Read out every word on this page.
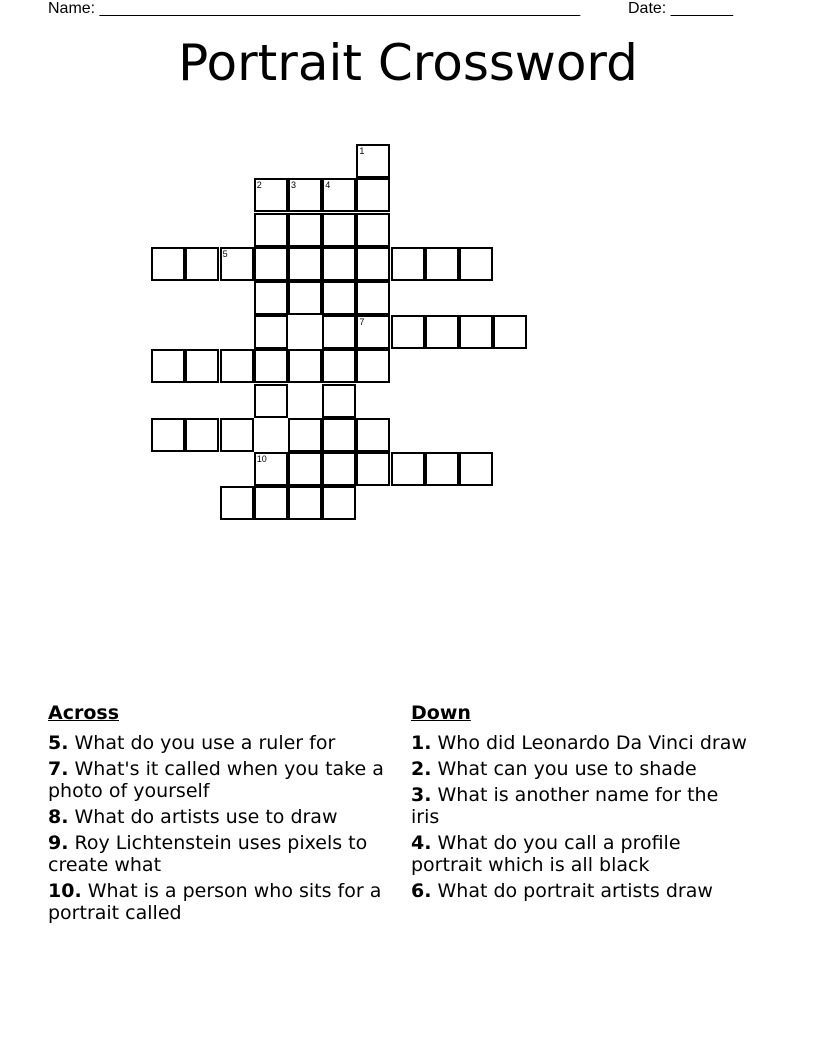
Name: ______________________________________________________	Date: _______
Portrait Crossword
1
7
2	3	4
5
10
Across
5. What do you use a ruler for
7. What's it called when you take a photo of yourself
8. What do artists use to draw
9. Roy Lichtenstein uses pixels to create what
10. What is a person who sits for a portrait called
Down
1. Who did Leonardo Da Vinci draw
2. What can you use to shade
3. What is another name for the iris
4. What do you call a profile portrait which is all black
6. What do portrait artists draw
